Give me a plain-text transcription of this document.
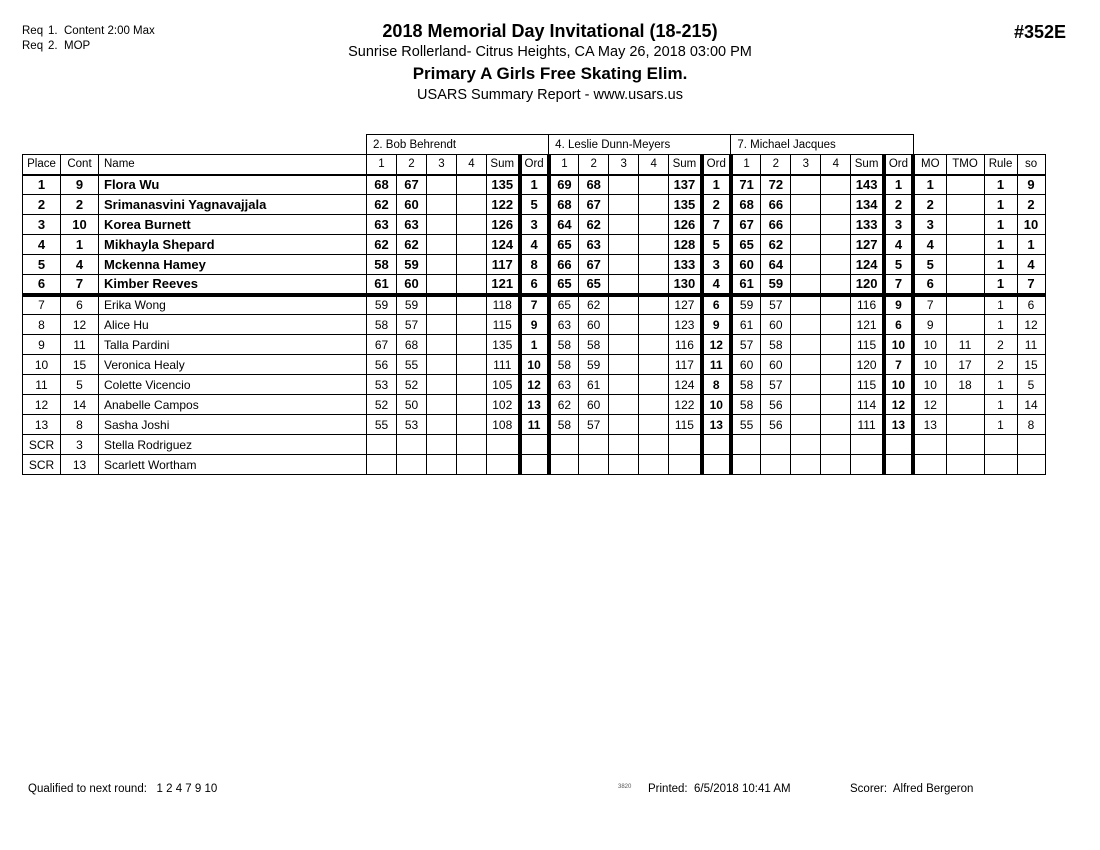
Req 1. Content 2:00 Max
Req 2. MOP
2018 Memorial Day Invitational (18-215)
Sunrise Rollerland- Citrus Heights, CA May 26, 2018 03:00 PM
Primary A Girls Free Skating Elim.
USARS Summary Report - www.usars.us
#352E
			2. Bob Behrendt						4. Leslie Dunn-Meyers						7. Michael Jacques									
Place	Cont	Name	1	2	3	4	Sum	Ord	1	2	3	4	Sum	Ord	1	2	3	4	Sum	Ord	MO	TMO	Rule	so
1	9	Flora Wu	68	67			135	1	69	68			137	1	71	72			143	1	1		1	9
2	2	Srimanasvini Yagnavajjala	62	60			122	5	68	67			135	2	68	66			134	2	2		1	2
3	10	Korea Burnett	63	63			126	3	64	62			126	7	67	66			133	3	3		1	10
4	1	Mikhayla Shepard	62	62			124	4	65	63			128	5	65	62			127	4	4		1	1
5	4	Mckenna Hamey	58	59			117	8	66	67			133	3	60	64			124	5	5		1	4
6	7	Kimber Reeves	61	60			121	6	65	65			130	4	61	59			120	7	6		1	7
7	6	Erika Wong	59	59			118	7	65	62			127	6	59	57			116	9	7		1	6
8	12	Alice Hu	58	57			115	9	63	60			123	9	61	60			121	6	9		1	12
9	11	Talla Pardini	67	68			135	1	58	58			116	12	57	58			115	10	10	11	2	11
10	15	Veronica Healy	56	55			111	10	58	59			117	11	60	60			120	7	10	17	2	15
11	5	Colette Vicencio	53	52			105	12	63	61			124	8	58	57			115	10	10	18	1	5
12	14	Anabelle Campos	52	50			102	13	62	60			122	10	58	56			114	12	12		1	14
13	8	Sasha Joshi	55	53			108	11	58	57			115	13	55	56			111	13	13		1	8
SCR	3	Stella Rodriguez																						
SCR	13	Scarlett Wortham																						
Qualified to next round: 1 2 4 7 9 10	3820 Printed: 6/5/2018 10:41 AM	Scorer: Alfred Bergeron
